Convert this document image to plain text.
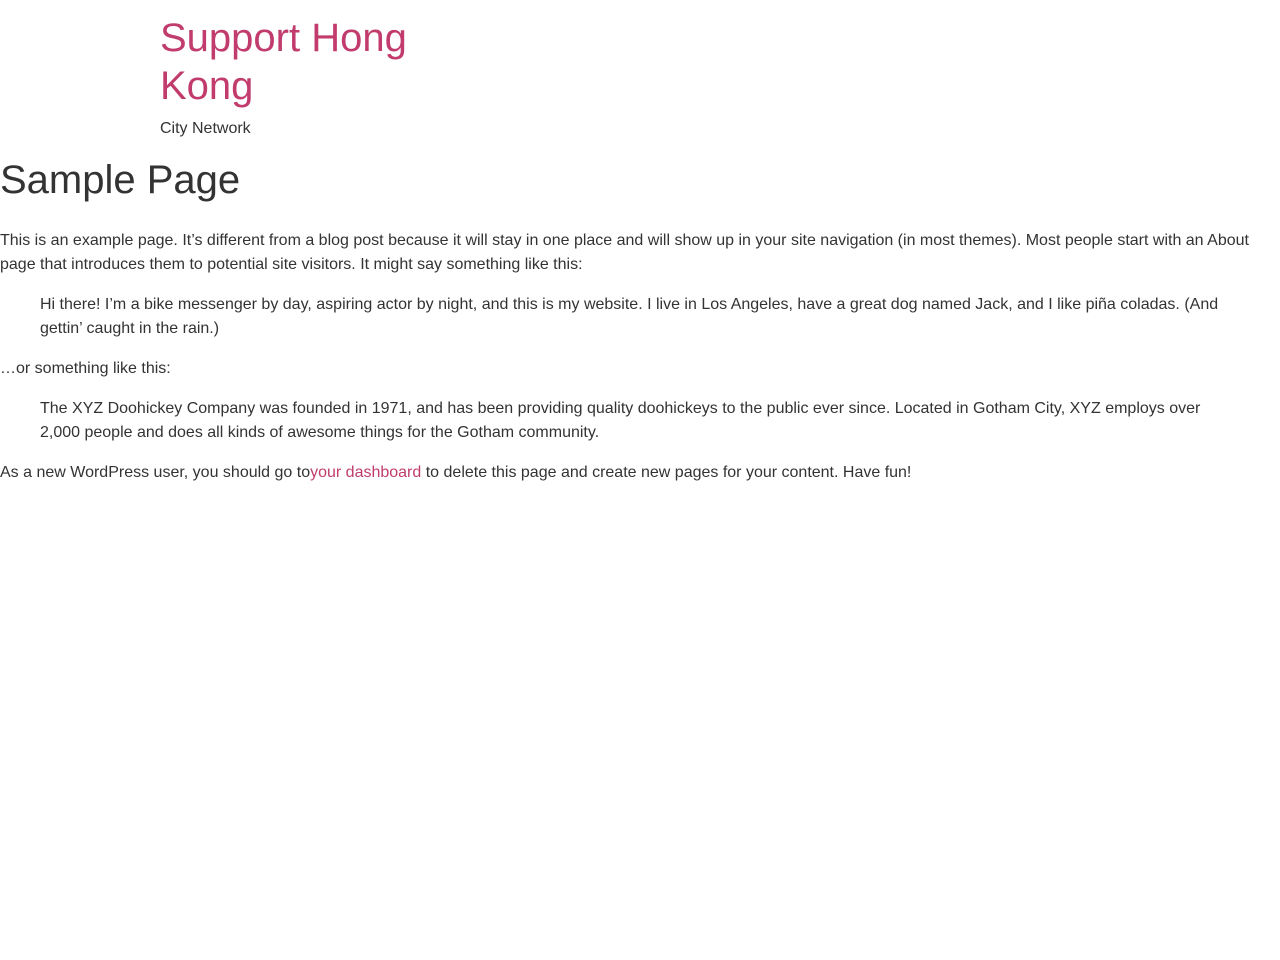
Support Hong Kong
City Network
Sample Page

This is an example page. It’s different from a blog post because it will stay in one place and will show up in your site navigation (in most themes). Most people start with an About page that introduces them to potential site visitors. It might say something like this:

Hi there! I’m a bike messenger by day, aspiring actor by night, and this is my website. I live in Los Angeles, have a great dog named Jack, and I like piña coladas. (And gettin’ caught in the rain.)

…or something like this:

The XYZ Doohickey Company was founded in 1971, and has been providing quality doohickeys to the public ever since. Located in Gotham City, XYZ employs over 2,000 people and does all kinds of awesome things for the Gotham community.

As a new WordPress user, you should go toyour dashboard to delete this page and create new pages for your content. Have fun!
